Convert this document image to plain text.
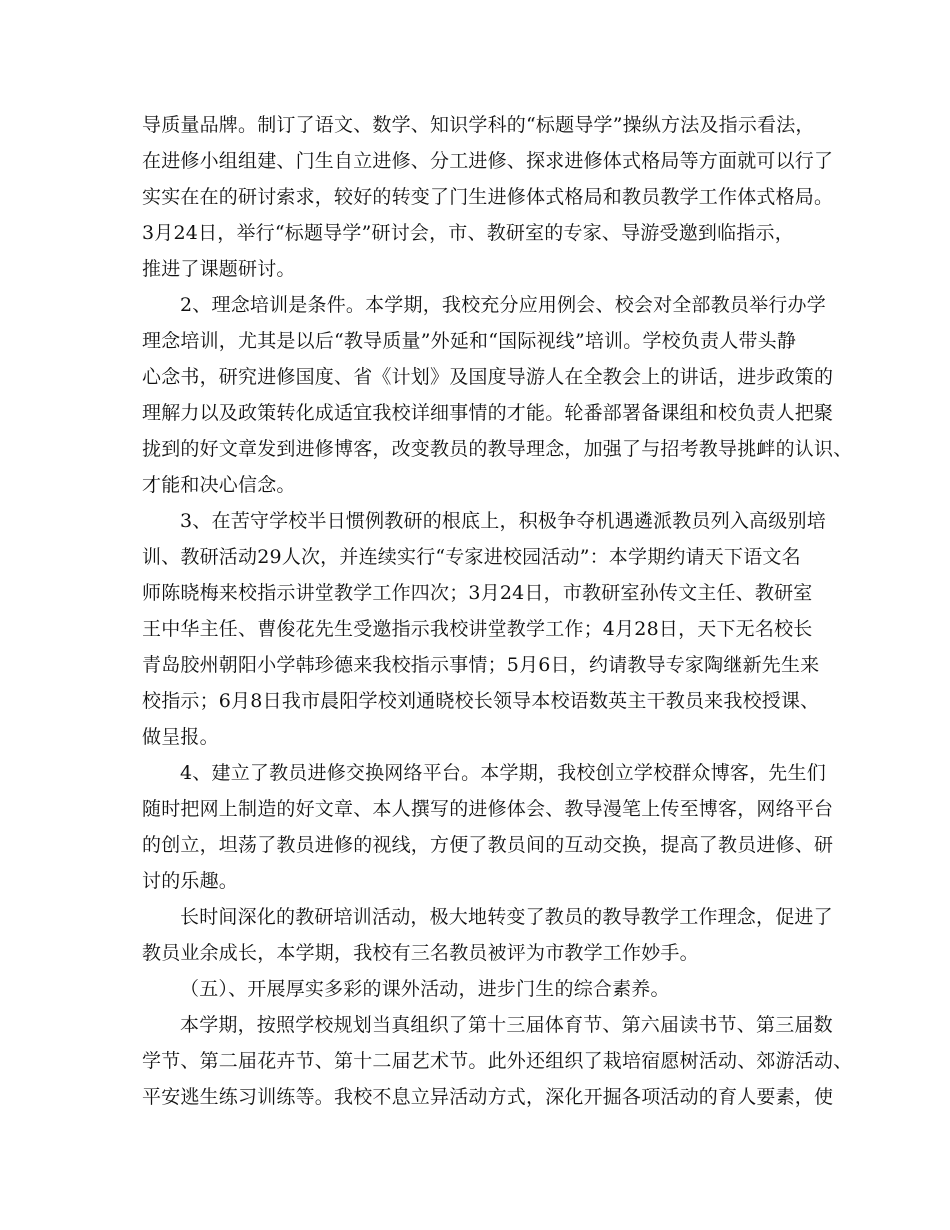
导质量品牌。制订了语文、数学、知识学科的“标题导学”操纵方法及指示看法，
在进修小组组建、门生自立进修、分工进修、探求进修体式格局等方面就可以行了
实实在在的研讨索求，较好的转变了门生进修体式格局和教员教学工作体式格局。
3月24日，举行“标题导学”研讨会，市、教研室的专家、导游受邀到临指示，
推进了课题研讨。
2、理念培训是条件。本学期，我校充分应用例会、校会对全部教员举行办学
理念培训，尤其是以后“教导质量”外延和“国际视线”培训。学校负责人带头静
心念书，研究进修国度、省《计划》及国度导游人在全教会上的讲话，进步政策的
理解力以及政策转化成适宜我校详细事情的才能。轮番部署备课组和校负责人把聚
拢到的好文章发到进修博客，改变教员的教导理念，加强了与招考教导挑衅的认识、
才能和决心信念。
3、在苦守学校半日惯例教研的根底上，积极争夺机遇遴派教员列入高级别培
训、教研活动29人次，并连续实行“专家进校园活动”：本学期约请天下语文名
师陈晓梅来校指示讲堂教学工作四次；3月24日，市教研室孙传文主任、教研室
王中华主任、曹俊花先生受邀指示我校讲堂教学工作；4月28日，天下无名校长
青岛胶州朝阳小学韩珍德来我校指示事情；5月6日，约请教导专家陶继新先生来
校指示；6月8日我市晨阳学校刘通晓校长领导本校语数英主干教员来我校授课、
做呈报。
4、建立了教员进修交换网络平台。本学期，我校创立学校群众博客，先生们
随时把网上制造的好文章、本人撰写的进修体会、教导漫笔上传至博客，网络平台
的创立，坦荡了教员进修的视线，方便了教员间的互动交换，提高了教员进修、研
讨的乐趣。
长时间深化的教研培训活动，极大地转变了教员的教导教学工作理念，促进了
教员业余成长，本学期，我校有三名教员被评为市教学工作妙手。
（五）、开展厚实多彩的课外活动，进步门生的综合素养。
本学期，按照学校规划当真组织了第十三届体育节、第六届读书节、第三届数
学节、第二届花卉节、第十二届艺术节。此外还组织了栽培宿愿树活动、郊游活动、
平安逃生练习训练等。我校不息立异活动方式，深化开掘各项活动的育人要素，使
